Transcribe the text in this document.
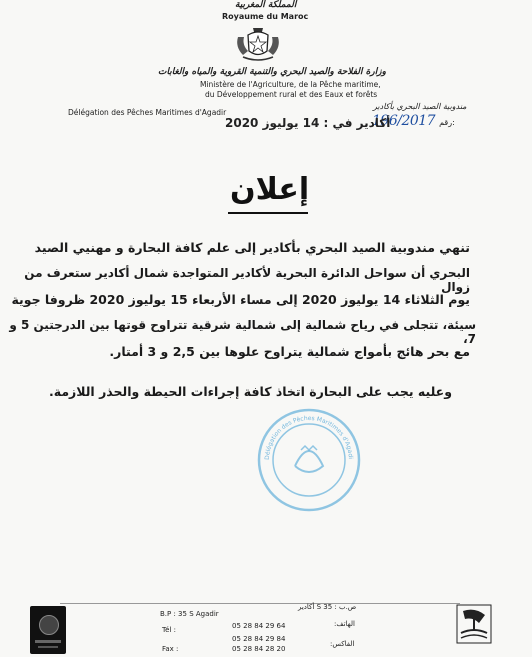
المملكة المغربية
Royaume du Maroc
وزارة الفلاحة والصيد البحري والتنمية القروية والمياه والغابات
Ministère de l'Agriculture, de la Pêche maritime,
du Développement rural et des Eaux et forêts
Délégation des Pêches Maritimes d'Agadir
مندوبية الصيد البحري بأكادير
196/2017 رقم:
أكادير في : 14 يوليوز 2020
إعلان
تنهي مندوبية الصيد البحري بأكادير إلى علم كافة البحارة و مهنيي الصيد
البحري أن سواحل الدائرة البحرية لأكادير المتواجدة شمال أكادير ستعرف من زوال
يوم الثلاثاء 14 يوليوز 2020 إلى مساء الأربعاء 15 يوليوز 2020 ظروفا جوية
سيئة، تتجلى في رياح شمالية إلى شمالية شرقية تتراوح قوتها بين الدرجتين 5 و 7،
مع بحر هائج بأمواج شمالية يتراوح علوها بين 2,5 و 3 أمتار.
وعليه يجب على البحارة اتخاذ كافة إجراءات الحيطة والحذر اللازمة.
Délégation des Pêches Maritimes d'Agadi
B.P : 35 S Agadir
Tél :
Fax :
05 28 84 29 64
05 28 84 29 84
05 28 84 28 20
ص.ب : 35 S أكادير
الهاتف:
الفاكس:
